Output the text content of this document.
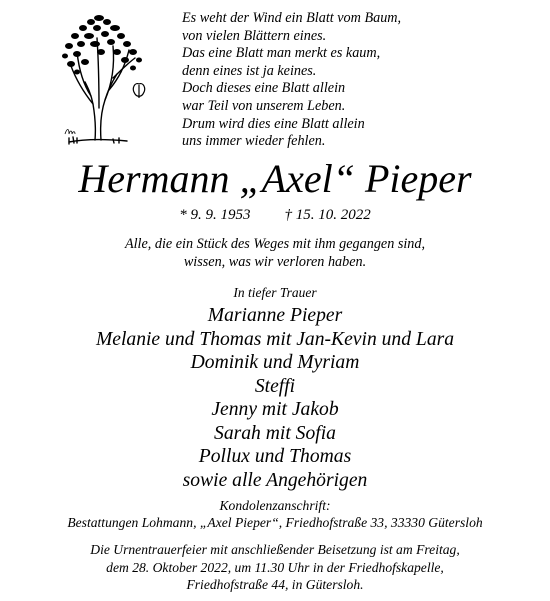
Es weht der Wind ein Blatt vom Baum,
von vielen Blättern eines.
Das eine Blatt man merkt es kaum,
denn eines ist ja keines.
Doch dieses eine Blatt allein
war Teil von unserem Leben.
Drum wird dies eine Blatt allein
uns immer wieder fehlen.
Hermann „Axel“ Pieper
* 9. 9. 1953 † 15. 10. 2022
Alle, die ein Stück des Weges mit ihm gegangen sind,
wissen, was wir verloren haben.
In tiefer Trauer
Marianne Pieper
Melanie und Thomas mit Jan-Kevin und Lara
Dominik und Myriam
Steffi
Jenny mit Jakob
Sarah mit Sofia
Pollux und Thomas
sowie alle Angehörigen
Kondolenzanschrift:
Bestattungen Lohmann, „Axel Pieper“, Friedhofstraße 33, 33330 Gütersloh
Die Urnentrauerfeier mit anschließender Beisetzung ist am Freitag,
dem 28. Oktober 2022, um 11.30 Uhr in der Friedhofskapelle,
Friedhofstraße 44, in Gütersloh.
